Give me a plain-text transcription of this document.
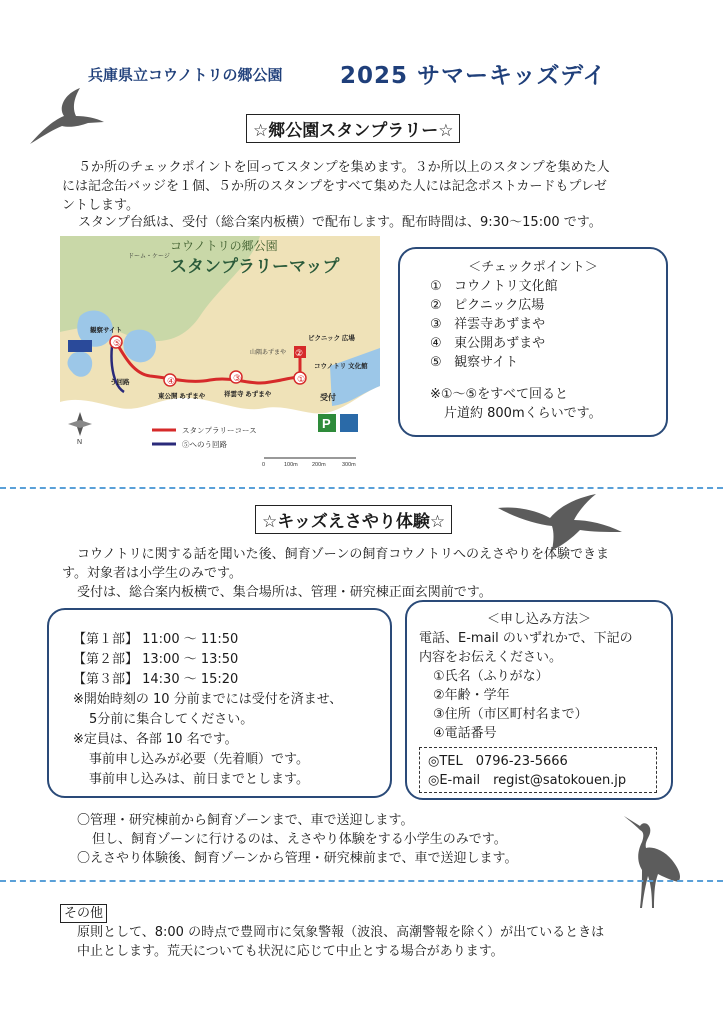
兵庫県立コウノトリの郷公園 2025 サマーキッズデイ
☆郷公園スタンプラリー☆
５か所のチェックポイントを回ってスタンプを集めます。３か所以上のスタンプを集めた人
には記念缶バッジを１個、５か所のスタンプをすべて集めた人には記念ポストカードもプレゼ
ントします。
スタンプ台紙は、受付（総合案内板横）で配布します。配布時間は、9:30～15:00 です。
コウノトリの郷公園
スタンプラリーマップ
ドーム・ケージ
山隅あずまや
⑤
④	③
②
①
観察サイト
う回路
東公開 あずまや	祥雲寺 あずまや
ピクニック 広場
コウノトリ 文化館
受付
P
N
スタンプラリーコース
⑤へのう回路
0	100m	200m	300m
＜チェックポイント＞
① コウノトリ文化館
② ピクニック広場
③ 祥雲寺あずまや
④ 東公開あずまや
⑤ 観察サイト
※①～⑤をすべて回ると
片道約 800mくらいです。
☆キッズえさやり体験☆
コウノトリに関する話を聞いた後、飼育ゾーンの飼育コウノトリへのえさやりを体験できま
す。対象者は小学生のみです。
受付は、総合案内板横で、集合場所は、管理・研究棟正面玄関前です。
【第１部】 11:00 ～ 11:50
【第２部】 13:00 ～ 13:50
【第３部】 14:30 ～ 15:20
※開始時刻の 10 分前までには受付を済ませ、
5分前に集合してください。
※定員は、各部 10 名です。
事前申し込みが必要（先着順）です。
事前申し込みは、前日までとします。
＜申し込み方法＞
電話、E-mail のいずれかで、下記の
内容をお伝えください。
①氏名（ふりがな）
②年齢・学年
③住所（市区町村名まで）
④電話番号
◎TEL　0796-23-5666
◎E-mail　regist@satokouen.jp
〇管理・研究棟前から飼育ゾーンまで、車で送迎します。
但し、飼育ゾーンに行けるのは、えさやり体験をする小学生のみです。
〇えさやり体験後、飼育ゾーンから管理・研究棟前まで、車で送迎します。
その他
原則として、8:00 の時点で豊岡市に気象警報（波浪、高潮警報を除く）が出ているときは
中止とします。荒天についても状況に応じて中止とする場合があります。
